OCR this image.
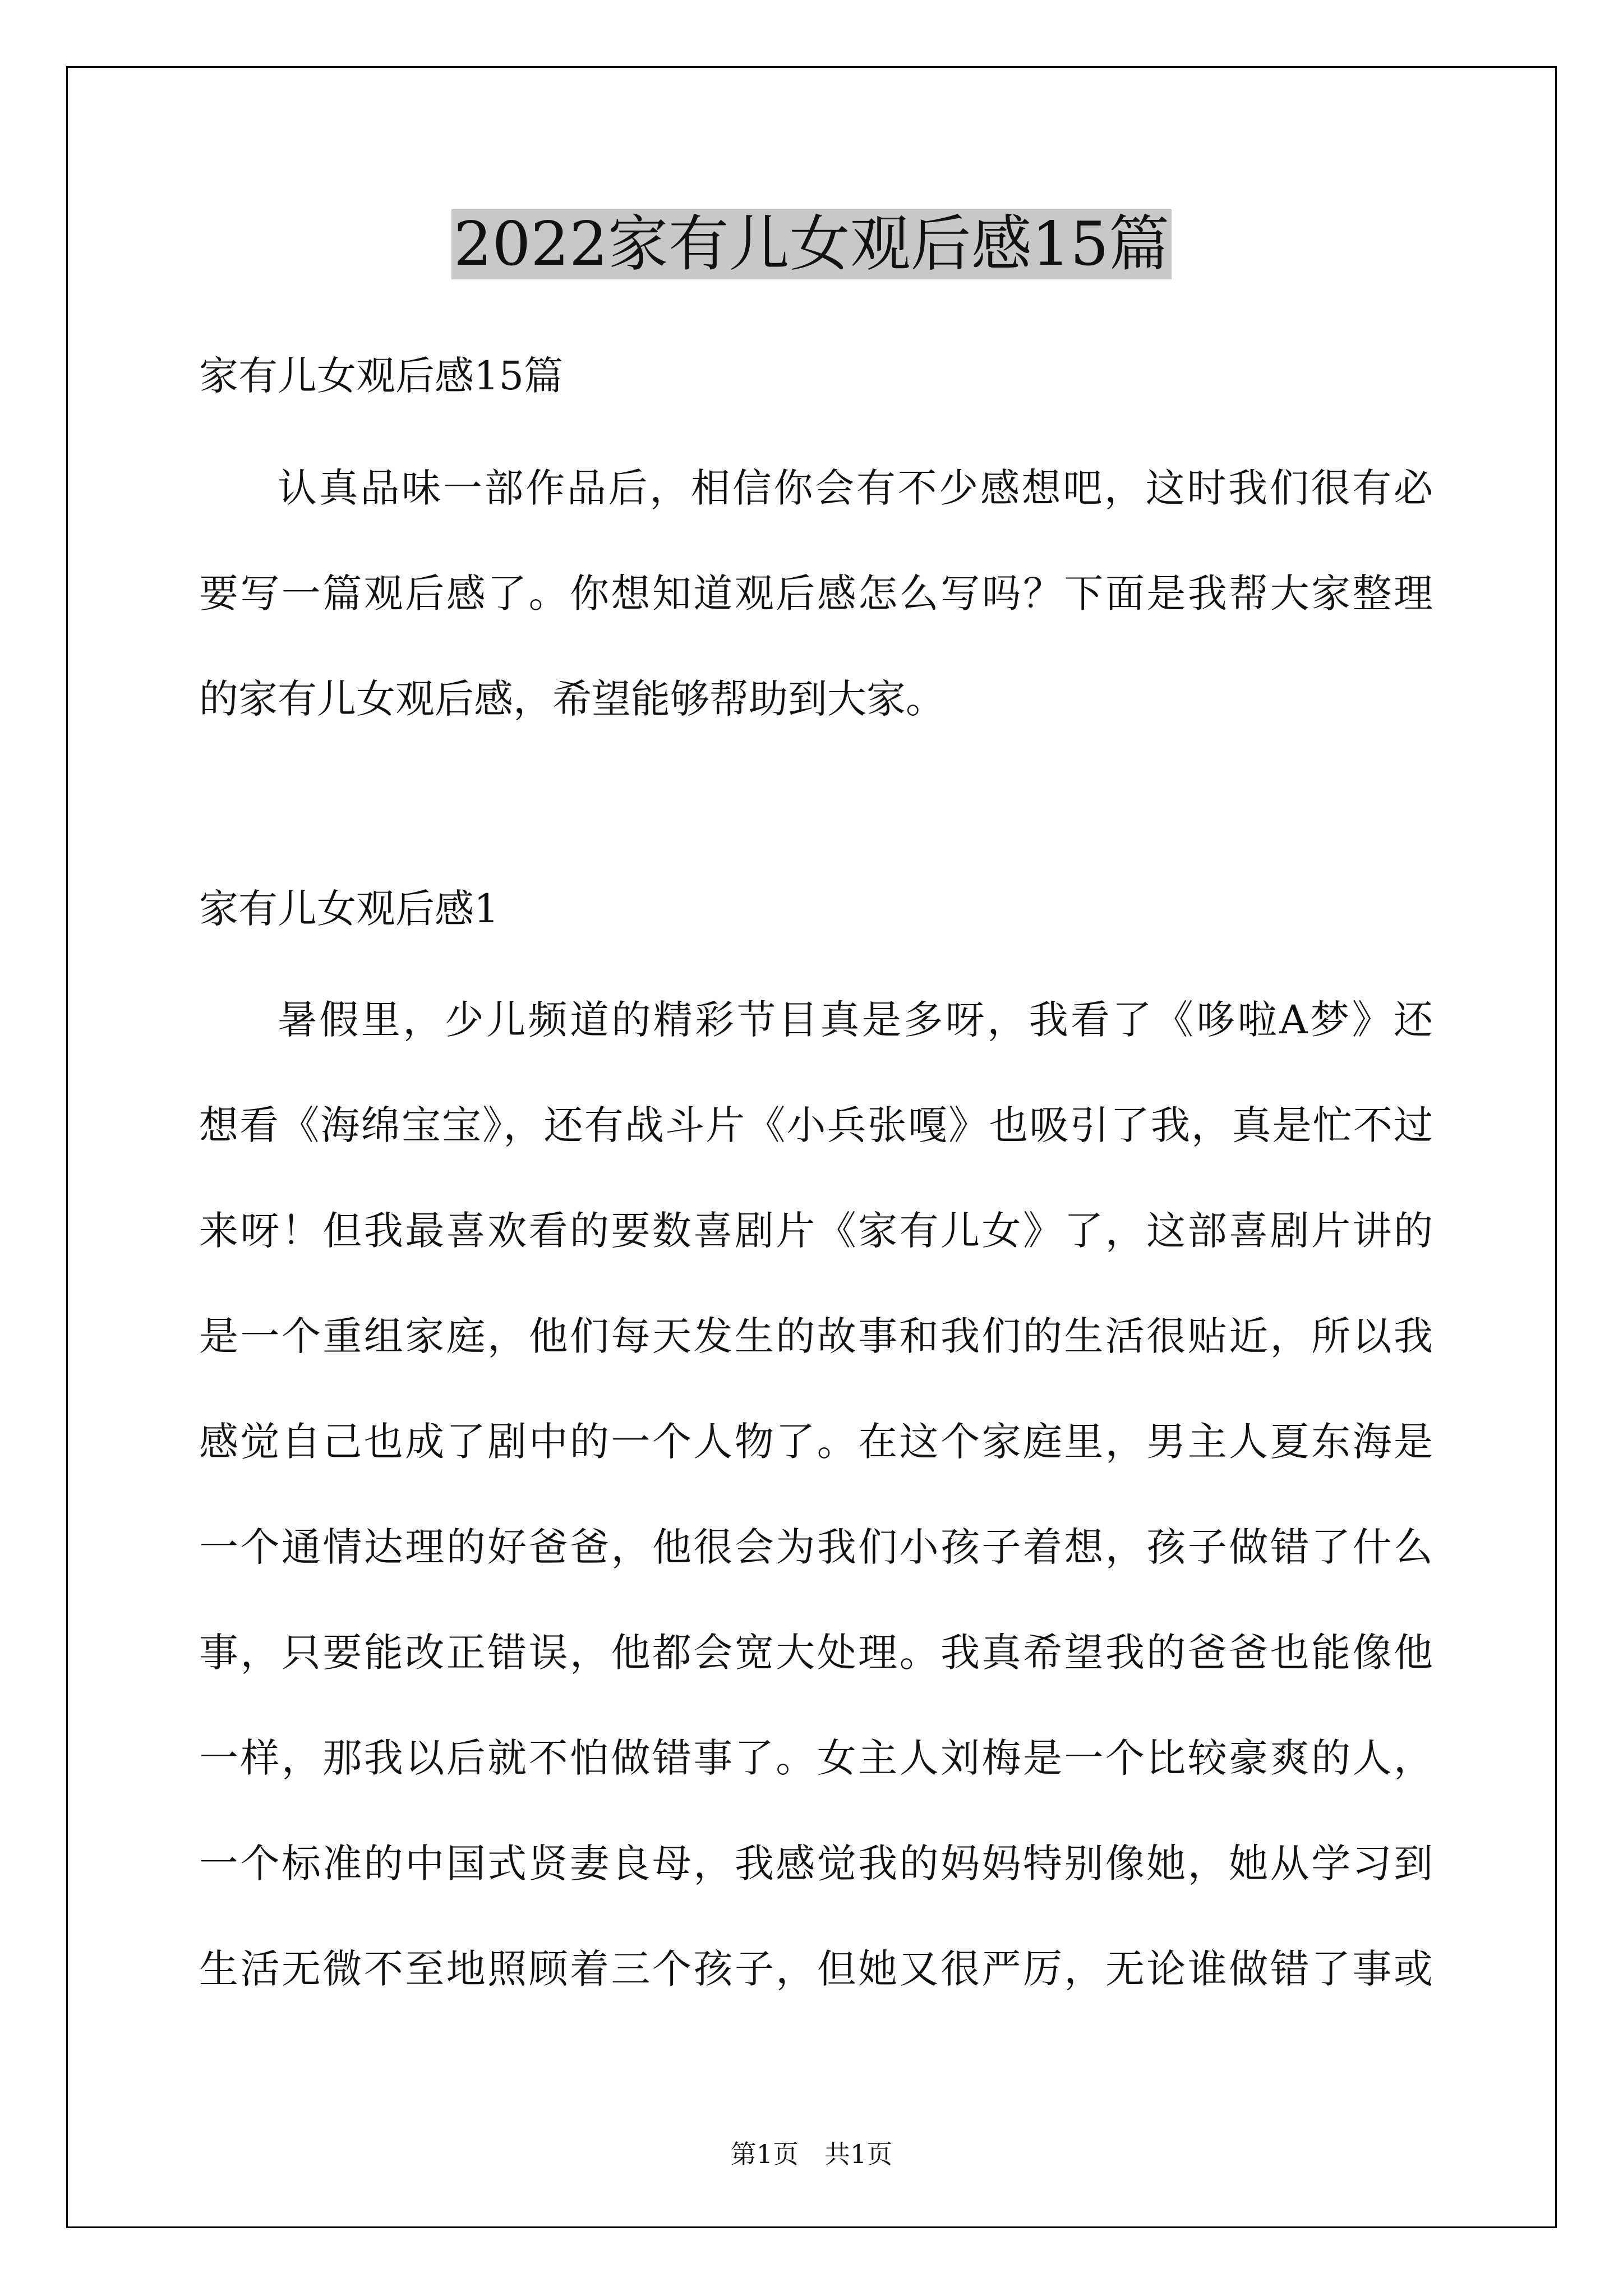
2022家有儿女观后感15篇
家有儿女观后感15篇
认真品味一部作品后，相信你会有不少感想吧，这时我们很有必
要写一篇观后感了。你想知道观后感怎么写吗？下面是我帮大家整理
的家有儿女观后感，希望能够帮助到大家。
家有儿女观后感1
暑假里，少儿频道的精彩节目真是多呀，我看了《哆啦A梦》还
想看《海绵宝宝》，还有战斗片《小兵张嘎》也吸引了我，真是忙不过
来呀！但我最喜欢看的要数喜剧片《家有儿女》了，这部喜剧片讲的
是一个重组家庭，他们每天发生的故事和我们的生活很贴近，所以我
感觉自己也成了剧中的一个人物了。在这个家庭里，男主人夏东海是
一个通情达理的好爸爸，他很会为我们小孩子着想，孩子做错了什么
事，只要能改正错误，他都会宽大处理。我真希望我的爸爸也能像他
一样，那我以后就不怕做错事了。女主人刘梅是一个比较豪爽的人，
一个标准的中国式贤妻良母，我感觉我的妈妈特别像她，她从学习到
生活无微不至地照顾着三个孩子，但她又很严厉，无论谁做错了事或
第1页　共1页
